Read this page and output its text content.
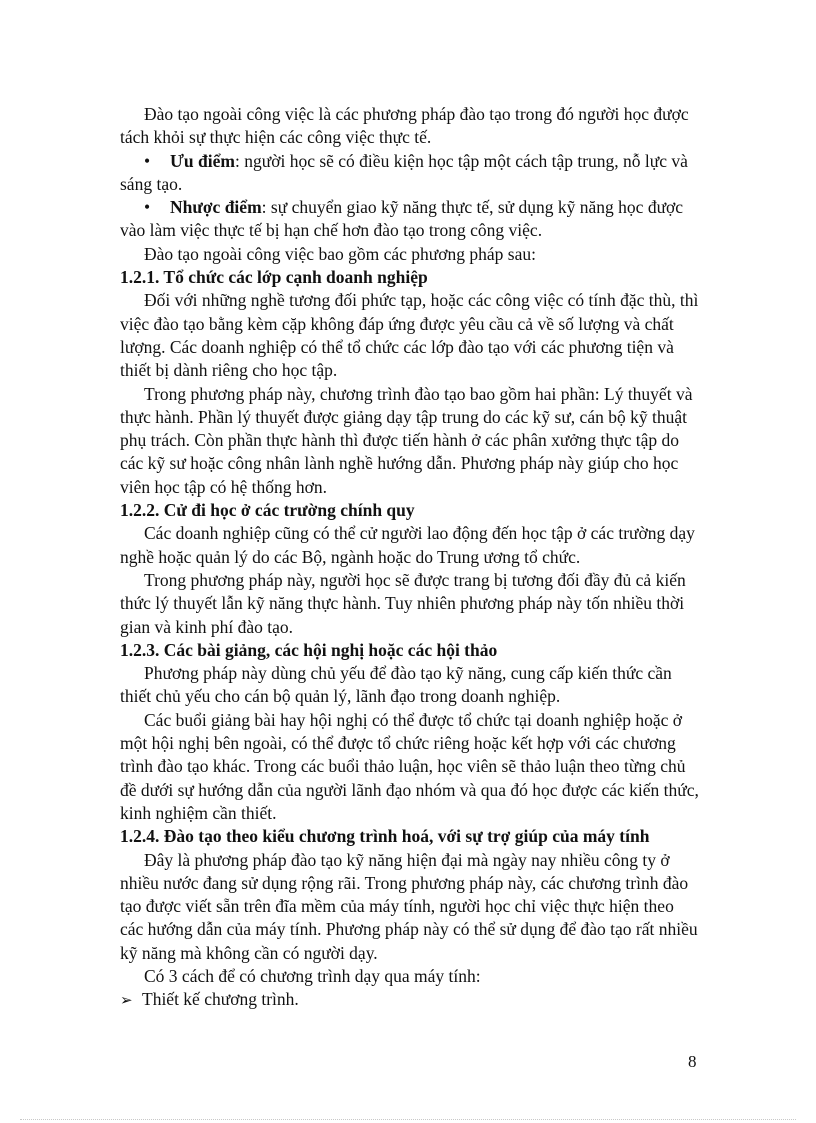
Đào tạo ngoài công việc là các phương pháp đào tạo trong đó người học được tách khỏi sự thực hiện các công việc thực tế.

• Ưu điểm: người học sẽ có điều kiện học tập một cách tập trung, nỗ lực và sáng tạo.

• Nhược điểm: sự chuyển giao kỹ năng thực tế, sử dụng kỹ năng học được vào làm việc thực tế bị hạn chế hơn đào tạo trong công việc.

Đào tạo ngoài công việc bao gồm các phương pháp sau:

1.2.1. Tổ chức các lớp cạnh doanh nghiệp

Đối với những nghề tương đối phức tạp, hoặc các công việc có tính đặc thù, thì việc đào tạo bằng kèm cặp không đáp ứng được yêu cầu cả về số lượng và chất lượng. Các doanh nghiệp có thể tổ chức các lớp đào tạo với các phương tiện và thiết bị dành riêng cho học tập.

Trong phương pháp này, chương trình đào tạo bao gồm hai phần: Lý thuyết và thực hành. Phần lý thuyết được giảng dạy tập trung do các kỹ sư, cán bộ kỹ thuật phụ trách. Còn phần thực hành thì được tiến hành ở các phân xưởng thực tập do các kỹ sư hoặc công nhân lành nghề hướng dẫn. Phương pháp này giúp cho học viên học tập có hệ thống hơn.

1.2.2. Cử đi học ở các trường chính quy

Các doanh nghiệp cũng có thể cử người lao động đến học tập ở các trường dạy nghề hoặc quản lý do các Bộ, ngành hoặc do Trung ương tổ chức.

Trong phương pháp này, người học sẽ được trang bị tương đối đầy đủ cả kiến thức lý thuyết lẫn kỹ năng thực hành. Tuy nhiên phương pháp này tốn nhiều thời gian và kinh phí đào tạo.

1.2.3. Các bài giảng, các hội nghị hoặc các hội thảo

Phương pháp này dùng chủ yếu để đào tạo kỹ năng, cung cấp kiến thức cần thiết chủ yếu cho cán bộ quản lý, lãnh đạo trong doanh nghiệp.

Các buổi giảng bài hay hội nghị có thể được tổ chức tại doanh nghiệp hoặc ở một hội nghị bên ngoài, có thể được tổ chức riêng hoặc kết hợp với các chương trình đào tạo khác. Trong các buổi thảo luận, học viên sẽ thảo luận theo từng chủ đề dưới sự hướng dẫn của người lãnh đạo nhóm và qua đó học được các kiến thức, kinh nghiệm cần thiết.

1.2.4. Đào tạo theo kiểu chương trình hoá, với sự trợ giúp của máy tính

Đây là phương pháp đào tạo kỹ năng hiện đại mà ngày nay nhiều công ty ở nhiều nước đang sử dụng rộng rãi. Trong phương pháp này, các chương trình đào tạo được viết sẵn trên đĩa mềm của máy tính, người học chỉ việc thực hiện theo các hướng dẫn của máy tính. Phương pháp này có thể sử dụng để đào tạo rất nhiều kỹ năng mà không cần có người dạy.

Có 3 cách để có chương trình dạy qua máy tính:

➢ Thiết kế chương trình.

8
